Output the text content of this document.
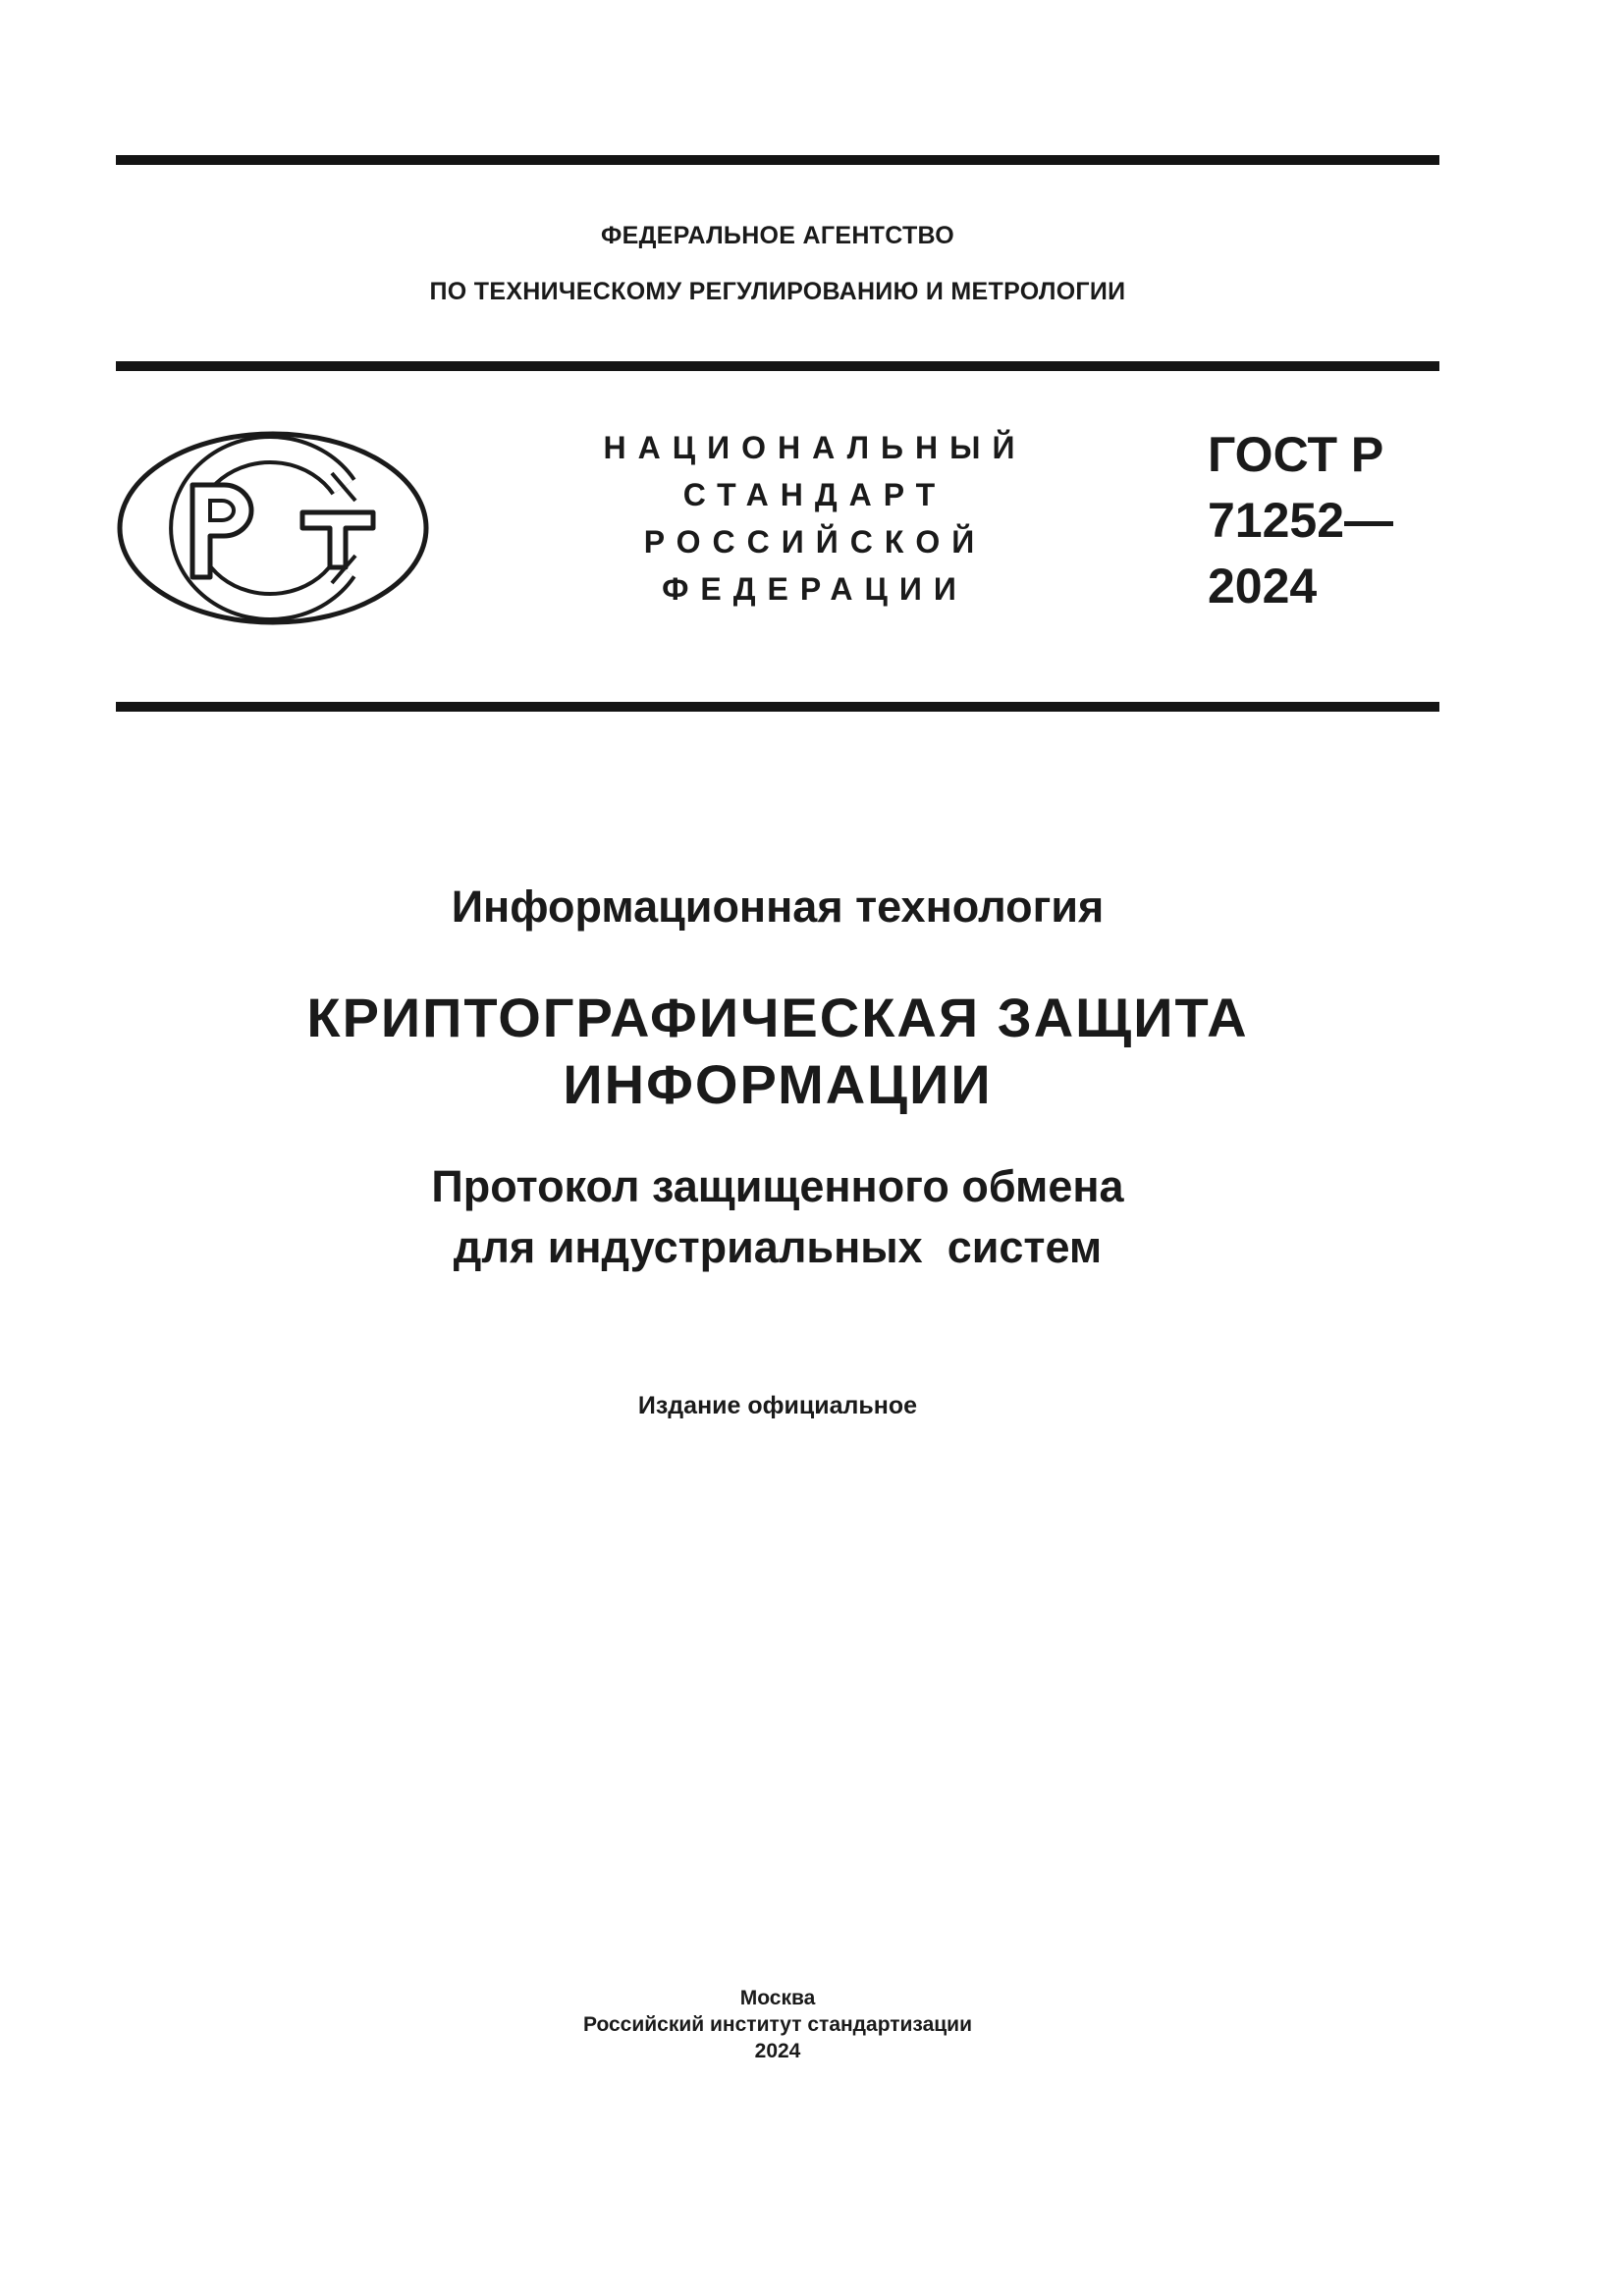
ФЕДЕРАЛЬНОЕ АГЕНТСТВО
ПО ТЕХНИЧЕСКОМУ РЕГУЛИРОВАНИЮ И МЕТРОЛОГИИ
НАЦИОНАЛЬНЫЙ
СТАНДАРТ
РОССИЙСКОЙ
ФЕДЕРАЦИИ
ГОСТ Р
71252—
2024
Информационная технология
КРИПТОГРАФИЧЕСКАЯ ЗАЩИТА
ИНФОРМАЦИИ
Протокол защищенного обмена
для индустриальных  систем
Издание официальное
Москва
Российский институт стандартизации
2024
